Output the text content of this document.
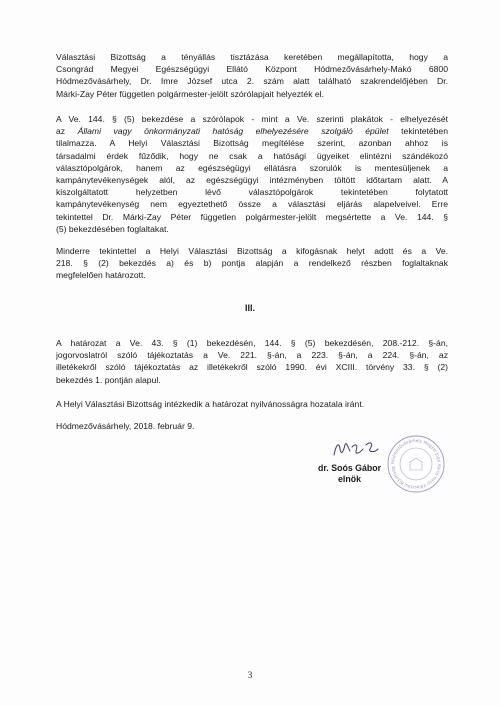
Választási Bizottság a tényállás tisztázása keretében megállapította, hogy a
Csongrád Megyei Egészségügyi Ellátó Központ Hódmezővásárhely-Makó 6800
Hódmezővásárhely, Dr. Imre József utca 2. szám alatt található szakrendelőjében Dr.
Márki-Zay Péter független polgármester-jelölt szórólapjait helyezték el.
A Ve. 144. § (5) bekezdése a szórólapok - mint a Ve. szerinti plakátok - elhelyezését
az Állami vagy önkormányzati hatóság elhelyezésére szolgáló épület tekintetében
tilalmazza. A Helyi Választási Bizottság megítélése szerint, azonban ahhoz is
társadalmi érdek fűződik, hogy ne csak a hatósági ügyeiket elintézni szándékozó
választópolgárok, hanem az egészségügyi ellátásra szorulók is mentesüljenek a
kampánytevékenységek alól, az egészségügyi intézményben töltött időtartam alatt. A
kiszolgáltatott helyzetben lévő választópolgárok tekintetében folytatott
kampánytevékenység nem egyeztethető össze a választási eljárás alapelveivel. Erre
tekintettel Dr. Márki-Zay Péter független polgármester-jelölt megsértette a Ve. 144. §
(5) bekezdésében foglaltakat.
Minderre tekintettel a Helyi Választási Bizottság a kifogásnak helyt adott és a Ve.
218. § (2) bekezdés a) és b) pontja alapján a rendelkező részben foglaltaknak
megfelelően határozott.
III.
A határozat a Ve. 43. § (1) bekezdésén, 144. § (5) bekezdésén, 208.-212. §-án,
jogorvoslatról szóló tájékoztatás a Ve. 221. §-án, a 223. §-án, a 224. §-án, az
illetékekről szóló tájékoztatás az illetékekről szóló 1990. évi XCIII. törvény 33. § (2)
bekezdés 1. pontján alapul.
A Helyi Választási Bizottság intézkedik a határozat nyilvánosságra hozatala iránt.
Hódmezővásárhely, 2018. február 9.
dr. Soós Gábor
elnök
Hódmezővásárhely Megyei Jogú Város Helyi Választási Bizottság
3
